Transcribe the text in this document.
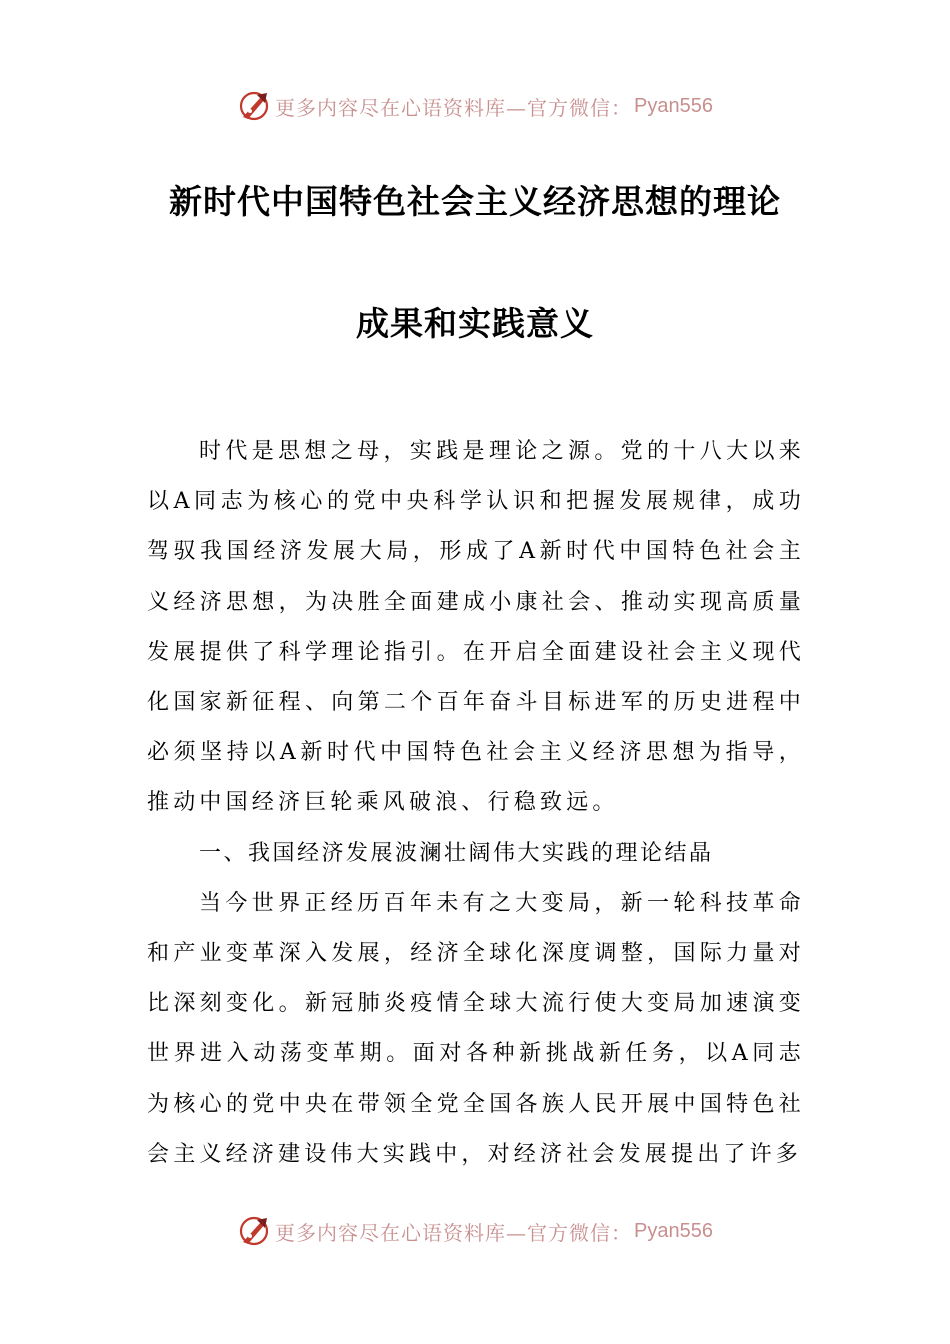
更多内容尽在心语资料库—官方微信： Pyan556
新时代中国特色社会主义经济思想的理论
成果和实践意义

时代是思想之母，实践是理论之源。党的十八大以来以A同志为核心的党中央科学认识和把握发展规律，成功驾驭我国经济发展大局，形成了A新时代中国特色社会主义经济思想，为决胜全面建成小康社会、推动实现高质量发展提供了科学理论指引。在开启全面建设社会主义现代化国家新征程、向第二个百年奋斗目标进军的历史进程中必须坚持以A新时代中国特色社会主义经济思想为指导，推动中国经济巨轮乘风破浪、行稳致远。

一、我国经济发展波澜壮阔伟大实践的理论结晶

当今世界正经历百年未有之大变局，新一轮科技革命和产业变革深入发展，经济全球化深度调整，国际力量对比深刻变化。新冠肺炎疫情全球大流行使大变局加速演变世界进入动荡变革期。面对各种新挑战新任务，以A同志为核心的党中央在带领全党全国各族人民开展中国特色社会主义经济建设伟大实践中，对经济社会发展提出了许多

更多内容尽在心语资料库—官方微信： Pyan556
